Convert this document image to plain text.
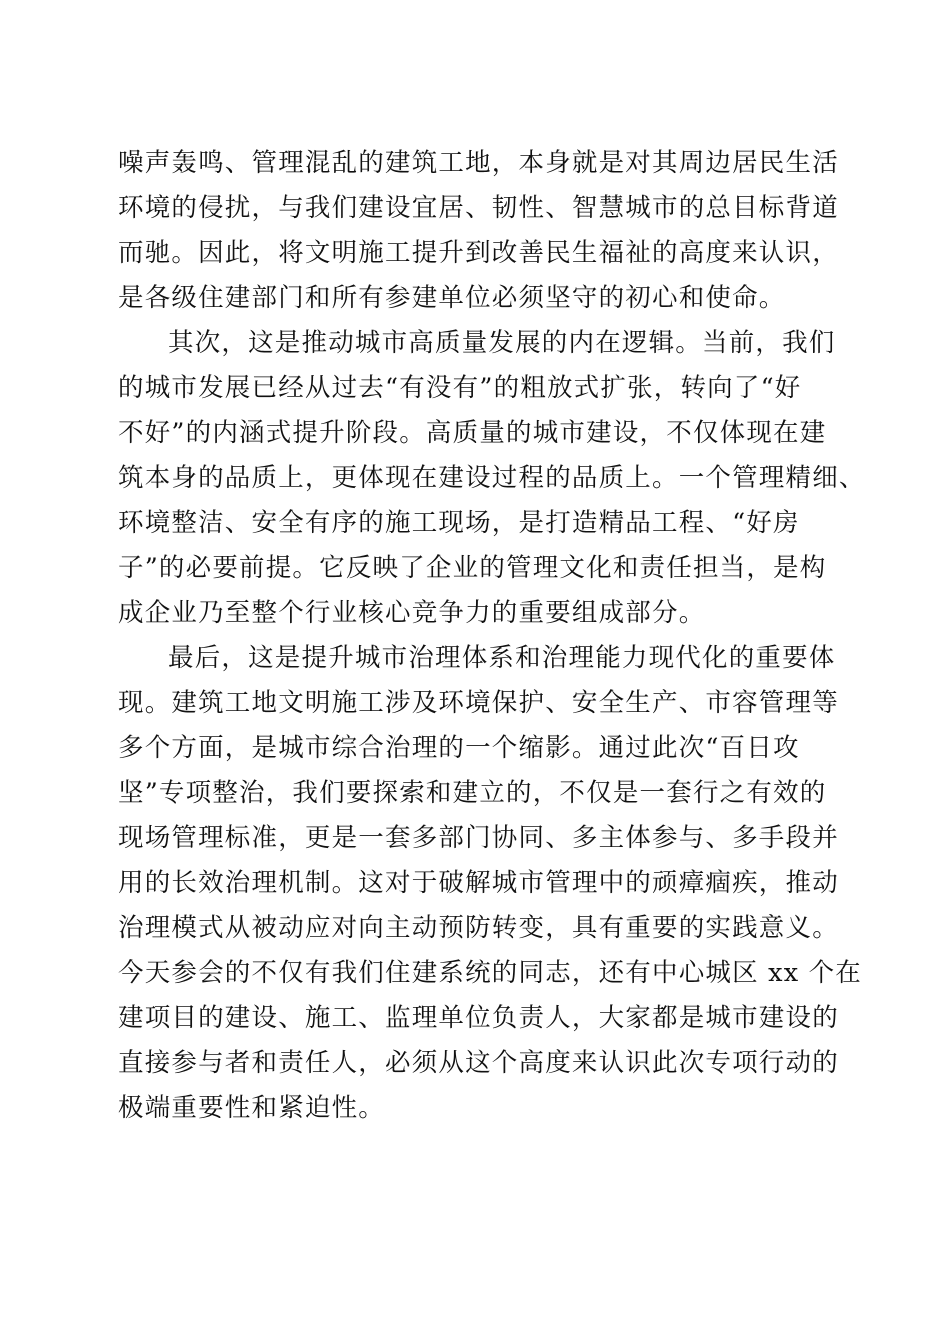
噪声轰鸣、管理混乱的建筑工地，本身就是对其周边居民生活
环境的侵扰，与我们建设宜居、韧性、智慧城市的总目标背道
而驰。因此，将文明施工提升到改善民生福祉的高度来认识，
是各级住建部门和所有参建单位必须坚守的初心和使命。
其次，这是推动城市高质量发展的内在逻辑。当前，我们
的城市发展已经从过去“有没有”的粗放式扩张，转向了“好
不好”的内涵式提升阶段。高质量的城市建设，不仅体现在建
筑本身的品质上，更体现在建设过程的品质上。一个管理精细、
环境整洁、安全有序的施工现场，是打造精品工程、“好房
子”的必要前提。它反映了企业的管理文化和责任担当，是构
成企业乃至整个行业核心竞争力的重要组成部分。
最后，这是提升城市治理体系和治理能力现代化的重要体
现。建筑工地文明施工涉及环境保护、安全生产、市容管理等
多个方面，是城市综合治理的一个缩影。通过此次“百日攻
坚”专项整治，我们要探索和建立的，不仅是一套行之有效的
现场管理标准，更是一套多部门协同、多主体参与、多手段并
用的长效治理机制。这对于破解城市管理中的顽瘴痼疾，推动
治理模式从被动应对向主动预防转变，具有重要的实践意义。
今天参会的不仅有我们住建系统的同志，还有中心城区 xx 个在
建项目的建设、施工、监理单位负责人，大家都是城市建设的
直接参与者和责任人，必须从这个高度来认识此次专项行动的
极端重要性和紧迫性。
